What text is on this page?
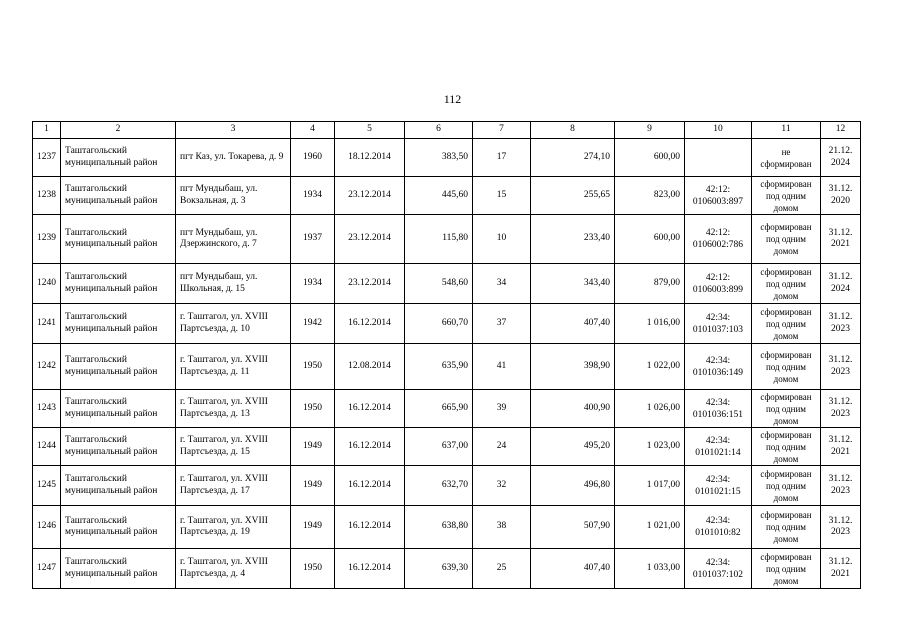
112
1	2	3	4	5	6	7	8	9	10	11	12
1237	Таштагольский муниципальный район	пгт Каз, ул. Токарева, д. 9	1960	18.12.2014	383,50	17	274,10	600,00		не сформирован	21.12. 2024
1238	Таштагольский муниципальный район	пгт Мундыбаш, ул. Вокзальная, д. 3	1934	23.12.2014	445,60	15	255,65	823,00	42:12: 0106003:897	сформирован под одним домом	31.12. 2020
1239	Таштагольский муниципальный район	пгт Мундыбаш, ул. Дзержинского, д. 7	1937	23.12.2014	115,80	10	233,40	600,00	42:12: 0106002:786	сформирован под одним домом	31.12. 2021
1240	Таштагольский муниципальный район	пгт Мундыбаш, ул. Школьная, д. 15	1934	23.12.2014	548,60	34	343,40	879,00	42:12: 0106003:899	сформирован под одним домом	31.12. 2024
1241	Таштагольский муниципальный район	г. Таштагол, ул. XVIII Партсъезда, д. 10	1942	16.12.2014	660,70	37	407,40	1 016,00	42:34: 0101037:103	сформирован под одним домом	31.12. 2023
1242	Таштагольский муниципальный район	г. Таштагол, ул. XVIII Партсъезда, д. 11	1950	12.08.2014	635,90	41	398,90	1 022,00	42:34: 0101036:149	сформирован под одним домом	31.12. 2023
1243	Таштагольский муниципальный район	г. Таштагол, ул. XVIII Партсъезда, д. 13	1950	16.12.2014	665,90	39	400,90	1 026,00	42:34: 0101036:151	сформирован под одним домом	31.12. 2023
1244	Таштагольский муниципальный район	г. Таштагол, ул. XVIII Партсъезда, д. 15	1949	16.12.2014	637,00	24	495,20	1 023,00	42:34: 0101021:14	сформирован под одним домом	31.12. 2021
1245	Таштагольский муниципальный район	г. Таштагол, ул. XVIII Партсъезда, д. 17	1949	16.12.2014	632,70	32	496,80	1 017,00	42:34: 0101021:15	сформирован под одним домом	31.12. 2023
1246	Таштагольский муниципальный район	г. Таштагол, ул. XVIII Партсъезда, д. 19	1949	16.12.2014	638,80	38	507,90	1 021,00	42:34: 0101010:82	сформирован под одним домом	31.12. 2023
1247	Таштагольский муниципальный район	г. Таштагол, ул. XVIII Партсъезда, д. 4	1950	16.12.2014	639,30	25	407,40	1 033,00	42:34: 0101037:102	сформирован под одним домом	31.12. 2021
